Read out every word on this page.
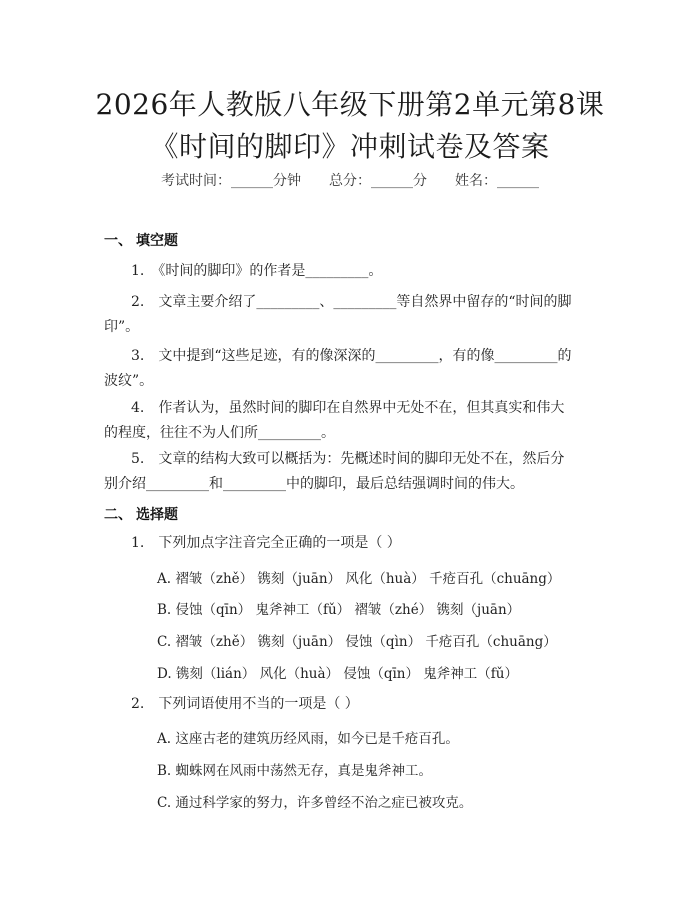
2026年人教版八年级下册第2单元第8课
《时间的脚印》冲刺试卷及答案
考试时间：______分钟 总分：______分 姓名：______
一、 填空题
1.　《时间的脚印》的作者是_________。
2.　文章主要介绍了_________、_________等自然界中留存的“时间的脚印”。
3.　文中提到“这些足迹，有的像深深的_________，有的像_________的波纹”。
4.　作者认为，虽然时间的脚印在自然界中无处不在，但其真实和伟大的程度，往往不为人们所_________。
5.　文章的结构大致可以概括为：先概述时间的脚印无处不在，然后分别介绍_________和_________中的脚印，最后总结强调时间的伟大。
二、 选择题
1.　下列加点字注音完全正确的一项是（ ）
A. 褶皱（zhě） 镌刻（juān） 风化（huà） 千疮百孔（chuāng）
B. 侵蚀（qīn） 鬼斧神工（fǔ） 褶皱（zhé） 镌刻（juān）
C. 褶皱（zhě） 镌刻（juān） 侵蚀（qìn） 千疮百孔（chuāng）
D. 镌刻（lián） 风化（huà） 侵蚀（qīn） 鬼斧神工（fǔ）
2.　下列词语使用不当的一项是（ ）
A. 这座古老的建筑历经风雨，如今已是千疮百孔。
B. 蜘蛛网在风雨中荡然无存，真是鬼斧神工。
C. 通过科学家的努力，许多曾经不治之症已被攻克。
